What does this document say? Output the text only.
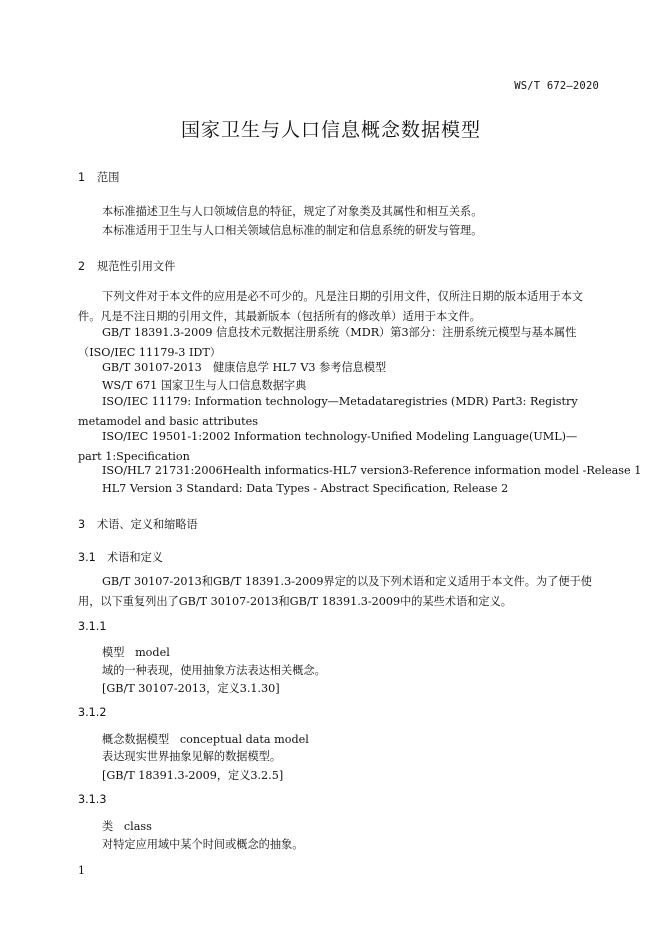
WS/T 672—2020
国家卫生与人口信息概念数据模型
1 范围
本标准描述卫生与人口领域信息的特征，规定了对象类及其属性和相互关系。
本标准适用于卫生与人口相关领域信息标准的制定和信息系统的研发与管理。
2 规范性引用文件
下列文件对于本文件的应用是必不可少的。凡是注日期的引用文件，仅所注日期的版本适用于本文件。凡是不注日期的引用文件，其最新版本（包括所有的修改单）适用于本文件。
GB/T 18391.3-2009 信息技术元数据注册系统（MDR）第3部分：注册系统元模型与基本属性（ISO/IEC 11179-3 IDT）
GB/T 30107-2013　健康信息学 HL7 V3 参考信息模型
WS/T 671 国家卫生与人口信息数据字典
ISO/IEC 11179: Information technology—Metadataregistries (MDR) Part3: Registry metamodel and basic attributes
ISO/IEC 19501-1:2002 Information technology-Unified Modeling Language(UML)—part 1:Specification
ISO/HL7 21731:2006Health informatics-HL7 version3-Reference information model -Release 1
HL7 Version 3 Standard: Data Types - Abstract Specification, Release 2
3 术语、定义和缩略语
3.1 术语和定义
GB/T 30107-2013和GB/T 18391.3-2009界定的以及下列术语和定义适用于本文件。为了便于使用，以下重复列出了GB/T 30107-2013和GB/T 18391.3-2009中的某些术语和定义。
3.1.1
模型 model
域的一种表现，使用抽象方法表达相关概念。
[GB/T 30107-2013，定义3.1.30]
3.1.2
概念数据模型 conceptual data model
表达现实世界抽象见解的数据模型。
[GB/T 18391.3-2009，定义3.2.5]
3.1.3
类 class
对特定应用域中某个时间或概念的抽象。
1
